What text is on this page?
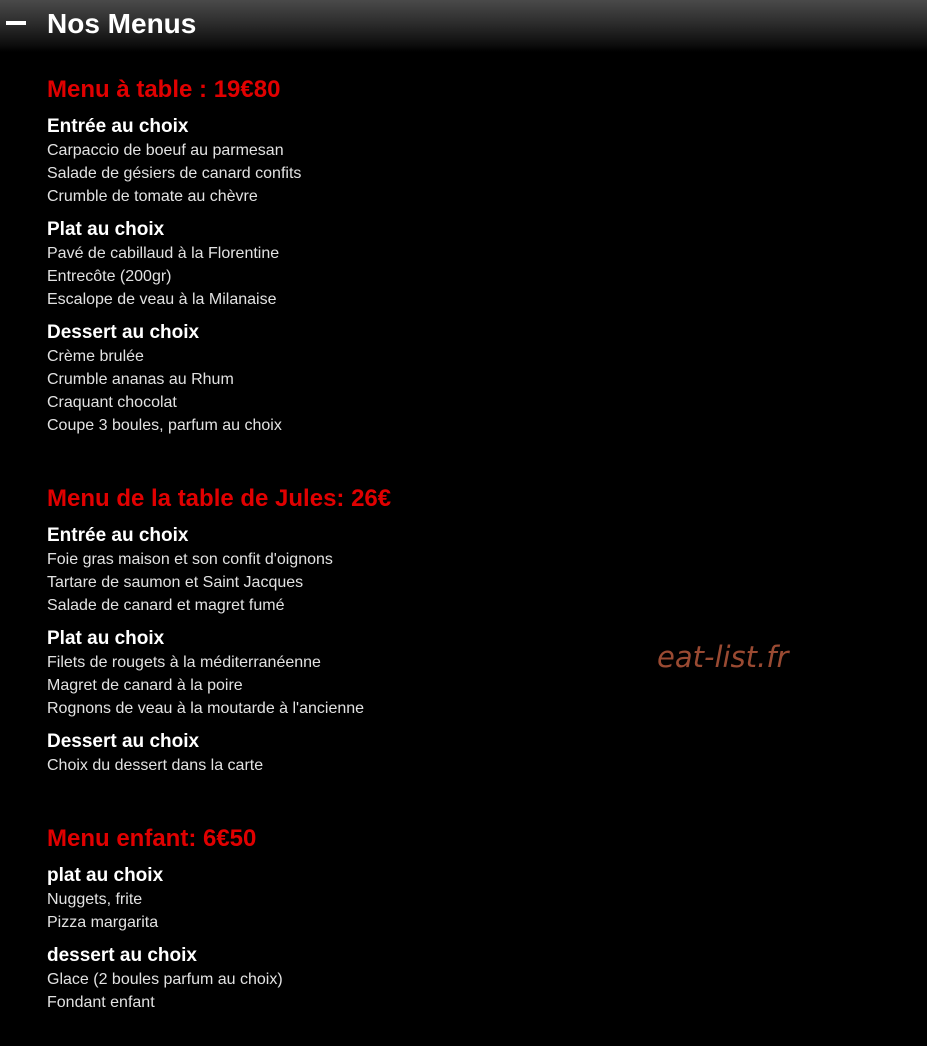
Nos Menus
Menu à table : 19€80
Entrée au choix
Carpaccio de boeuf au parmesan
Salade de gésiers de canard confits
Crumble de tomate au chèvre
Plat au choix
Pavé de cabillaud à la Florentine
Entrecôte (200gr)
Escalope de veau à la Milanaise
Dessert au choix
Crème brulée
Crumble ananas au Rhum
Craquant chocolat
Coupe 3 boules, parfum au choix
Menu de la table de Jules: 26€
Entrée au choix
Foie gras maison et son confit d'oignons
Tartare de saumon et Saint Jacques
Salade de canard et magret fumé
Plat au choix
Filets de rougets à la méditerranéenne
Magret de canard à la poire
Rognons de veau à la moutarde à l'ancienne
Dessert au choix
Choix du dessert dans la carte
Menu enfant: 6€50
plat au choix
Nuggets, frite
Pizza margarita
dessert au choix
Glace (2 boules parfum au choix)
Fondant enfant
eat-list.fr
